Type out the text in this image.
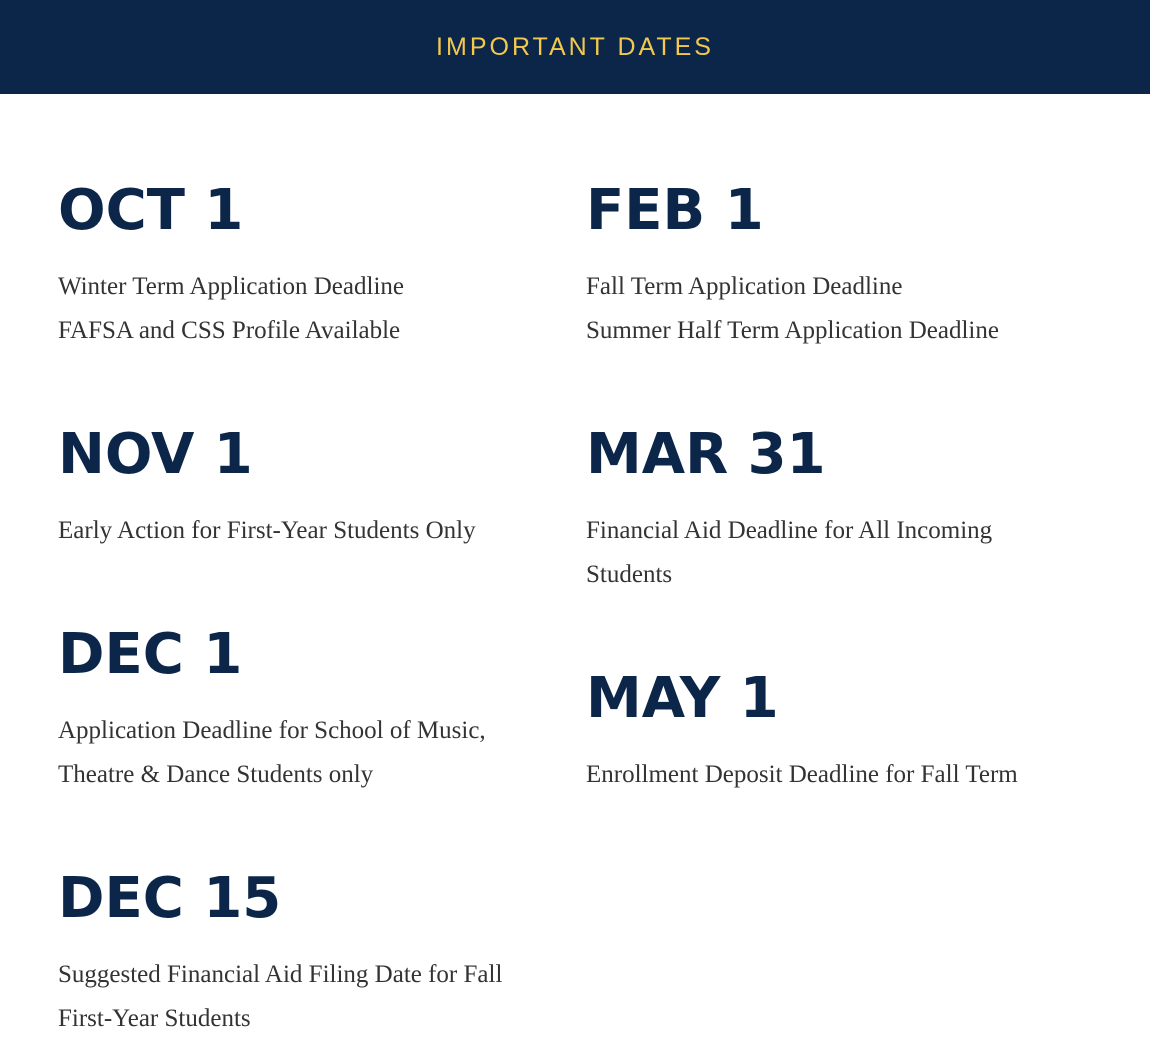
IMPORTANT DATES
OCT 1
Winter Term Application Deadline
FAFSA and CSS Profile Available
FEB 1
Fall Term Application Deadline
Summer Half Term Application Deadline
NOV 1
Early Action for First-Year Students Only
MAR 31
Financial Aid Deadline for All Incoming
Students
DEC 1
Application Deadline for School of Music,
Theatre & Dance Students only
MAY 1
Enrollment Deposit Deadline for Fall Term
DEC 15
Suggested Financial Aid Filing Date for Fall
First-Year Students
